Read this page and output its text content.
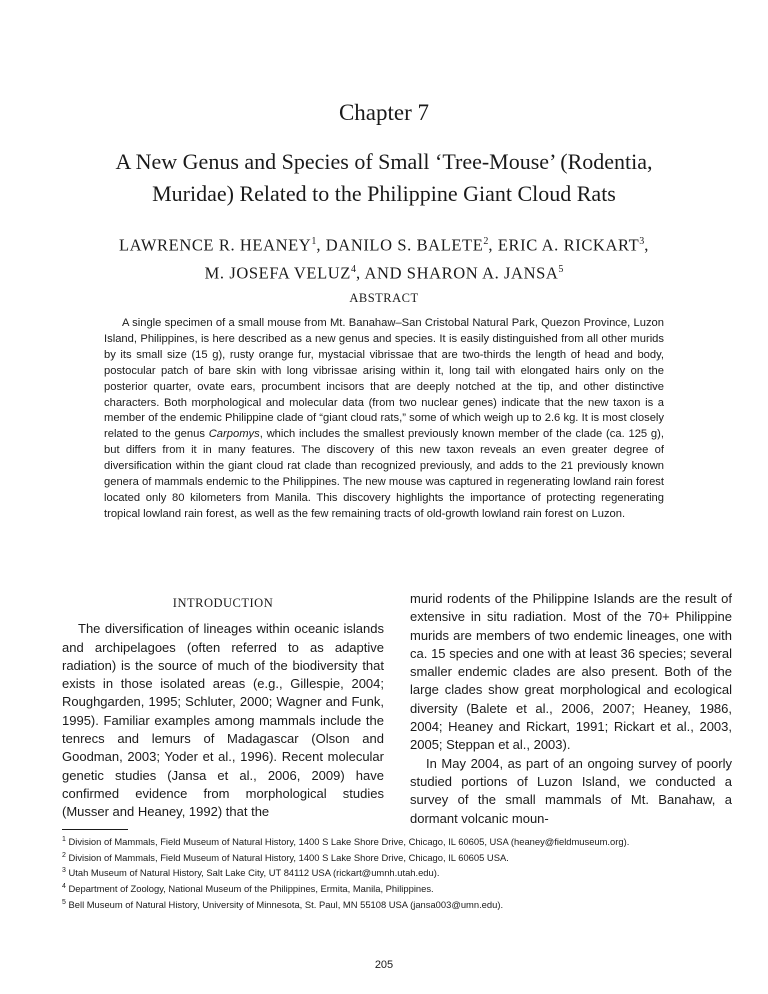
Chapter 7
A New Genus and Species of Small ‘Tree-Mouse’ (Rodentia,
Muridae) Related to the Philippine Giant Cloud Rats
LAWRENCE R. HEANEY$^1$, DANILO S. BALETE$^2$, ERIC A. RICKART$^3$,
M. JOSEFA VELUZ$^4$, AND SHARON A. JANSA$^5$
ABSTRACT

A single specimen of a small mouse from Mt. Banahaw–San Cristobal Natural Park, Quezon Province, Luzon Island, Philippines, is here described as a new genus and species. It is easily distinguished from all other murids by its small size (15 g), rusty orange fur, mystacial vibrissae that are two-thirds the length of head and body, postocular patch of bare skin with long vibrissae arising within it, long tail with elongated hairs only on the posterior quarter, ovate ears, procumbent incisors that are deeply notched at the tip, and other distinctive characters. Both morphological and molecular data (from two nuclear genes) indicate that the new taxon is a member of the endemic Philippine clade of “giant cloud rats,” some of which weigh up to 2.6 kg. It is most closely related to the genus Carpomys, which includes the smallest previously known member of the clade (ca. 125 g), but differs from it in many features. The discovery of this new taxon reveals an even greater degree of diversification within the giant cloud rat clade than recognized previously, and adds to the 21 previously known genera of mammals endemic to the Philippines. The new mouse was captured in regenerating lowland rain forest located only 80 kilometers from Manila. This discovery highlights the importance of protecting regenerating tropical lowland rain forest, as well as the few remaining tracts of old-growth lowland rain forest on Luzon.

INTRODUCTION

The diversification of lineages within oceanic islands and archipelagoes (often referred to as adaptive radiation) is the source of much of the biodiversity that exists in those isolated areas (e.g., Gillespie, 2004; Roughgarden, 1995; Schluter, 2000; Wagner and Funk, 1995). Familiar examples among mammals include the tenrecs and lemurs of Madagascar (Olson and Goodman, 2003; Yoder et al., 1996). Recent molecular genetic studies (Jansa et al., 2006, 2009) have confirmed evidence from morphological studies (Musser and Heaney, 1992) that the

murid rodents of the Philippine Islands are the result of extensive in situ radiation. Most of the 70+ Philippine murids are members of two endemic lineages, one with ca. 15 species and one with at least 36 species; several smaller endemic clades are also present. Both of the large clades show great morphological and ecological diversity (Balete et al., 2006, 2007; Heaney, 1986, 2004; Heaney and Rickart, 1991; Rickart et al., 2003, 2005; Steppan et al., 2003).

In May 2004, as part of an ongoing survey of poorly studied portions of Luzon Island, we conducted a survey of the small mammals of Mt. Banahaw, a dormant volcanic moun-

$^1$ Division of Mammals, Field Museum of Natural History, 1400 S Lake Shore Drive, Chicago, IL 60605, USA (heaney@fieldmuseum.org).

$^2$ Division of Mammals, Field Museum of Natural History, 1400 S Lake Shore Drive, Chicago, IL 60605 USA.

$^3$ Utah Museum of Natural History, Salt Lake City, UT 84112 USA (rickart@umnh.utah.edu).

$^4$ Department of Zoology, National Museum of the Philippines, Ermita, Manila, Philippines.

$^5$ Bell Museum of Natural History, University of Minnesota, St. Paul, MN 55108 USA (jansa003@umn.edu).

205
